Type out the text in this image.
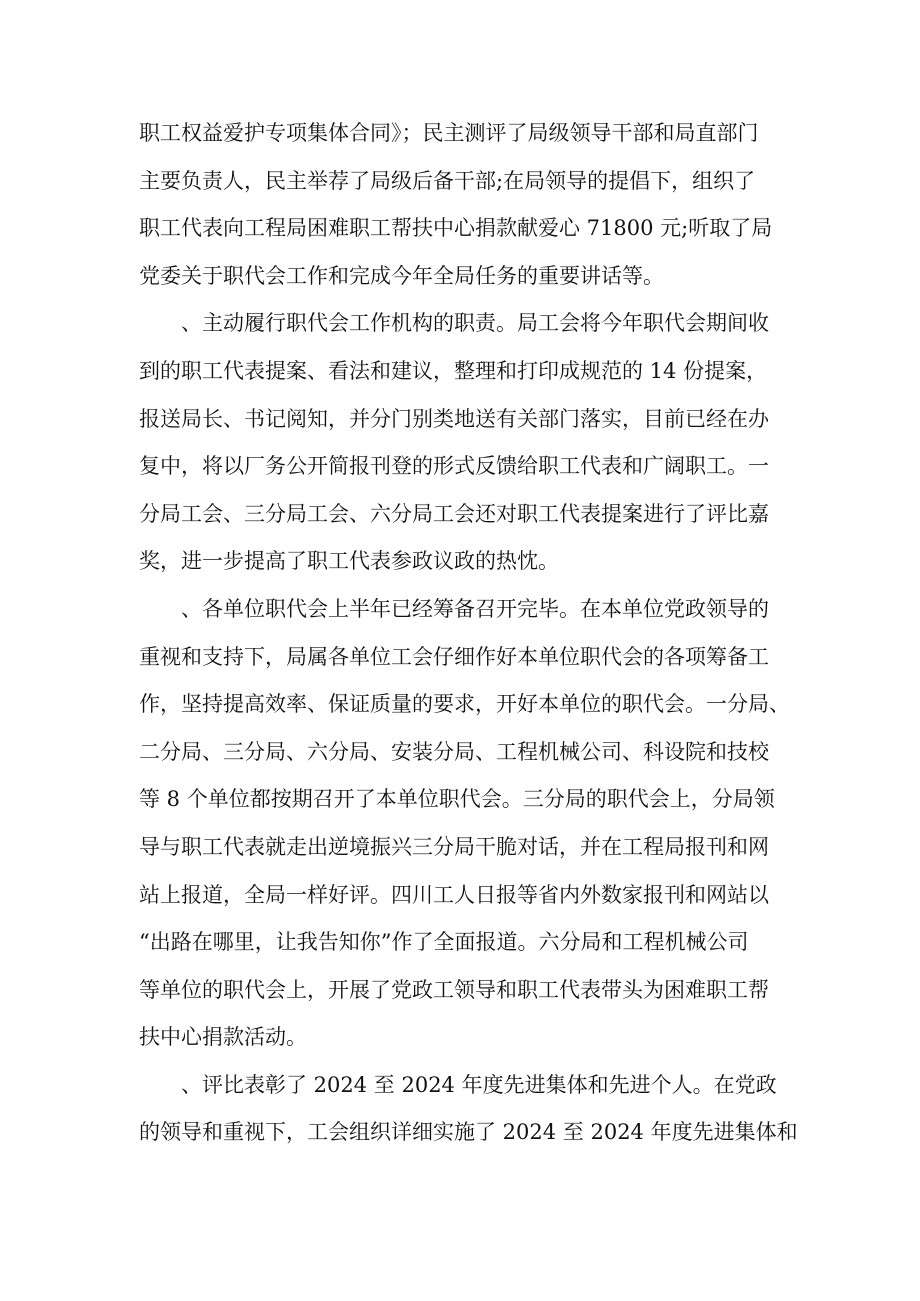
职工权益爱护专项集体合同》；民主测评了局级领导干部和局直部门
主要负责人，民主举荐了局级后备干部;在局领导的提倡下，组织了
职工代表向工程局困难职工帮扶中心捐款献爱心 71800 元;听取了局
党委关于职代会工作和完成今年全局任务的重要讲话等。
、主动履行职代会工作机构的职责。局工会将今年职代会期间收
到的职工代表提案、看法和建议，整理和打印成规范的 14 份提案，
报送局长、书记阅知，并分门别类地送有关部门落实，目前已经在办
复中，将以厂务公开简报刊登的形式反馈给职工代表和广阔职工。一
分局工会、三分局工会、六分局工会还对职工代表提案进行了评比嘉
奖，进一步提高了职工代表参政议政的热忱。
、各单位职代会上半年已经筹备召开完毕。在本单位党政领导的
重视和支持下，局属各单位工会仔细作好本单位职代会的各项筹备工
作，坚持提高效率、保证质量的要求，开好本单位的职代会。一分局、
二分局、三分局、六分局、安装分局、工程机械公司、科设院和技校
等 8 个单位都按期召开了本单位职代会。三分局的职代会上，分局领
导与职工代表就走出逆境振兴三分局干脆对话，并在工程局报刊和网
站上报道，全局一样好评。四川工人日报等省内外数家报刊和网站以
“出路在哪里，让我告知你”作了全面报道。六分局和工程机械公司
等单位的职代会上，开展了党政工领导和职工代表带头为困难职工帮
扶中心捐款活动。
、评比表彰了 2024 至 2024 年度先进集体和先进个人。在党政
的领导和重视下，工会组织详细实施了 2024 至 2024 年度先进集体和
